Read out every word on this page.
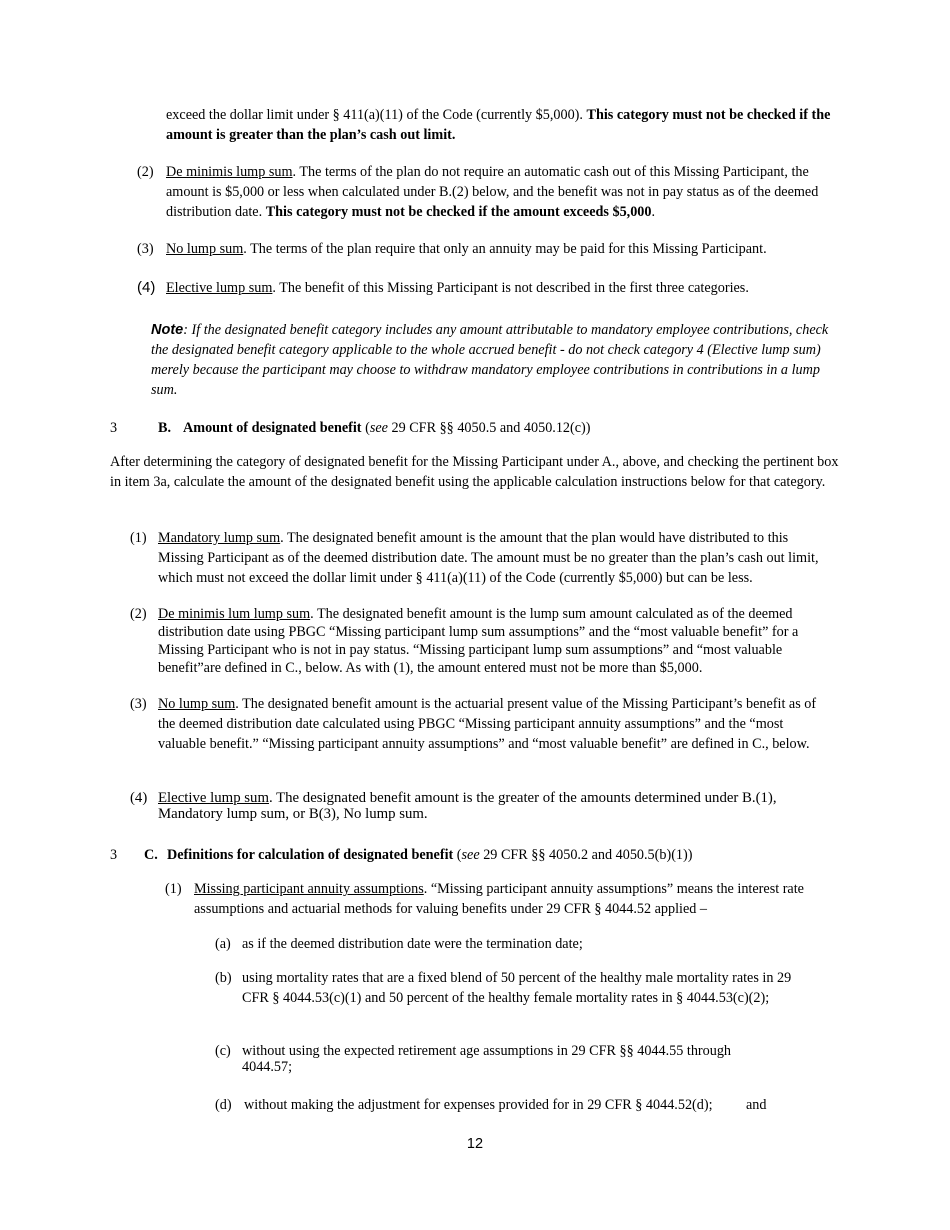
exceed the dollar limit under § 411(a)(11) of the Code (currently $5,000). This category must not be checked if the amount is greater than the plan’s cash out limit.
(2) De minimis lump sum. The terms of the plan do not require an automatic cash out of this Missing Participant, the amount is $5,000 or less when calculated under B.(2) below, and the benefit was not in pay status as of the deemed distribution date. This category must not be checked if the amount exceeds $5,000.
(3) No lump sum. The terms of the plan require that only an annuity may be paid for this Missing Participant.
(4) Elective lump sum. The benefit of this Missing Participant is not described in the first three categories.
Note: If the designated benefit category includes any amount attributable to mandatory employee contributions, check the designated benefit category applicable to the whole accrued benefit - do not check category 4 (Elective lump sum) merely because the participant may choose to withdraw mandatory employee contributions in contributions in a lump sum.
3	B. Amount of designated benefit (see 29 CFR §§ 4050.5 and 4050.12(c))
After determining the category of designated benefit for the Missing Participant under A., above, and checking the pertinent box in item 3a, calculate the amount of the designated benefit using the applicable calculation instructions below for that category.
(1) Mandatory lump sum. The designated benefit amount is the amount that the plan would have distributed to this Missing Participant as of the deemed distribution date. The amount must be no greater than the plan’s cash out limit, which must not exceed the dollar limit under § 411(a)(11) of the Code (currently $5,000) but can be less.
(2) De minimis lum lump sum. The designated benefit amount is the lump sum amount calculated as of the deemed distribution date using PBGC “Missing participant lump sum assumptions” and the “most valuable benefit” for a Missing Participant who is not in pay status. “Missing participant lump sum assumptions” and “most valuable benefit”are defined in C., below. As with (1), the amount entered must not be more than $5,000.
(3) No lump sum. The designated benefit amount is the actuarial present value of the Missing Participant’s benefit as of the deemed distribution date calculated using PBGC “Missing participant annuity assumptions” and the “most valuable benefit.” “Missing participant annuity assumptions” and “most valuable benefit” are defined in C., below.
(4) Elective lump sum. The designated benefit amount is the greater of the amounts determined under B.(1), Mandatory lump sum, or B(3), No lump sum.
3 C. Definitions for calculation of designated benefit (see 29 CFR §§ 4050.2 and 4050.5(b)(1))
(1) Missing participant annuity assumptions. “Missing participant annuity assumptions” means the interest rate assumptions and actuarial methods for valuing benefits under 29 CFR § 4044.52 applied –
(a) as if the deemed distribution date were the termination date;
(b) using mortality rates that are a fixed blend of 50 percent of the healthy male mortality rates in 29 CFR § 4044.53(c)(1) and 50 percent of the healthy female mortality rates in § 4044.53(c)(2);
(c) without using the expected retirement age assumptions in 29 CFR §§ 4044.55 through 4044.57;
(d) without making the adjustment for expenses provided for in 29 CFR § 4044.52(d); and
12
